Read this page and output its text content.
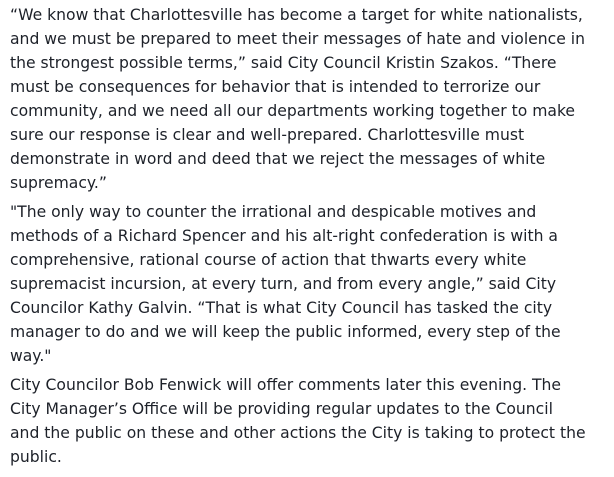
“We know that Charlottesville has become a target for white nationalists,
and we must be prepared to meet their messages of hate and violence in
the strongest possible terms,” said City Council Kristin Szakos. “There
must be consequences for behavior that is intended to terrorize our
community, and we need all our departments working together to make
sure our response is clear and well-prepared. Charlottesville must
demonstrate in word and deed that we reject the messages of white
supremacy.”
"The only way to counter the irrational and despicable motives and
methods of a Richard Spencer and his alt-right confederation is with a
comprehensive, rational course of action that thwarts every white
supremacist incursion, at every turn, and from every angle,” said City
Councilor Kathy Galvin. “That is what City Council has tasked the city
manager to do and we will keep the public informed, every step of the
way."
City Councilor Bob Fenwick will offer comments later this evening. The
City Manager’s Office will be providing regular updates to the Council
and the public on these and other actions the City is taking to protect the
public.
